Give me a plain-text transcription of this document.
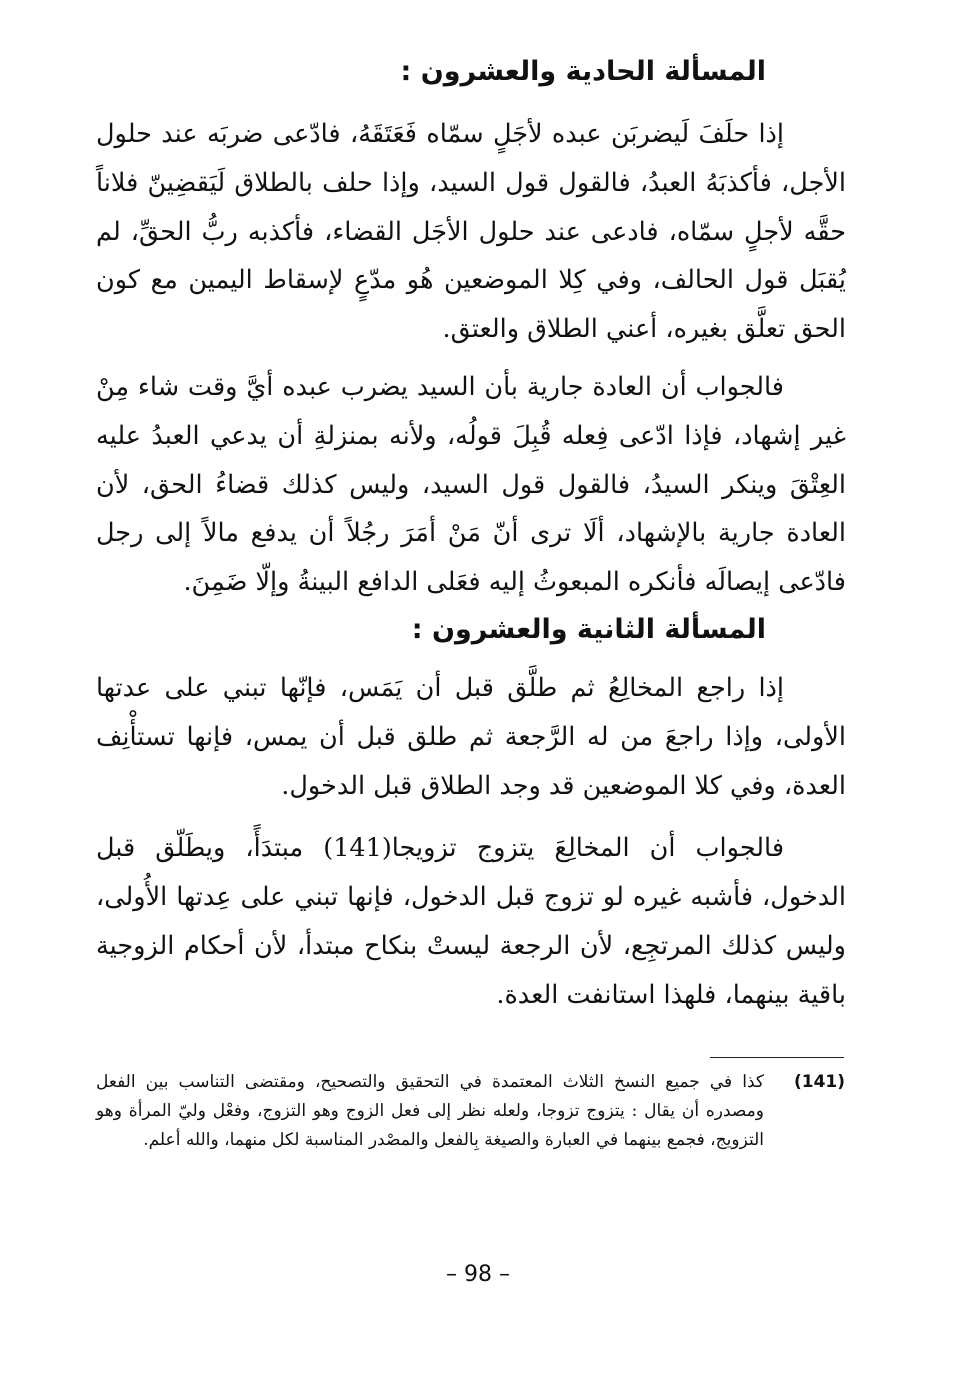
المسألة الحادية والعشرون :

إذا حلَفَ لَيضربَن عبده لأجَلٍ سمّاه فَعَتَقَهُ، فادّعى ضربَه عند حلول الأجل، فأكذبَهُ العبدُ، فالقول قول السيد، وإذا حلف بالطلاق لَيَقضِينّ فلاناً حقَّه لأجلٍ سمّاه، فادعى عند حلول الأجَل القضاء، فأكذبه ربُّ الحقِّ، لم يُقبَل قول الحالف، وفي كِلا الموضعين هُو مدّعٍ لإسقاط اليمين مع كون الحق تعلَّق بغيره، أعني الطلاق والعتق.

فالجواب أن العادة جارية بأن السيد يضرب عبده أيَّ وقت شاء مِنْ غير إشهاد، فإذا ادّعى فِعله قُبِلَ قولُه، ولأنه بمنزلةِ أن يدعي العبدُ عليه العِتْقَ وينكر السيدُ، فالقول قول السيد، وليس كذلك قضاءُ الحق، لأن العادة جارية بالإشهاد، ألَا ترى أنّ مَنْ أمَرَ رجُلاً أن يدفع مالاً إلى رجل فادّعى إيصالَه فأنكره المبعوثُ إليه فعَلى الدافع البينةُ وإلّا ضَمِنَ.

المسألة الثانية والعشرون :

إذا راجع المخالِعُ ثم طلَّق قبل أن يَمَس، فإنّها تبني على عدتها الأولى، وإذا راجعَ من له الرَّجعة ثم طلق قبل أن يمس، فإنها تستأْنِف العدة، وفي كلا الموضعين قد وجد الطلاق قبل الدخول.

فالجواب أن المخالِعَ يتزوج تزويجا(141) مبتدَأً، ويطَلّق قبل الدخول، فأشبه غيره لو تزوج قبل الدخول، فإنها تبني على عِدتها الأُولى، وليس كذلك المرتجِع، لأن الرجعة ليستْ بنكاح مبتدأ، لأن أحكام الزوجية باقية بينهما، فلهذا استانفت العدة.

(141)
كذا في جميع النسخ الثلاث المعتمدة في التحقيق والتصحيح، ومقتضى التناسب بين الفعل ومصدره أن يقال : يتزوج تزوجا، ولعله نظر إلى فعل الزوج وهو التزوج، وفعْل وليّ المرأة وهو التزويج، فجمع بينهما في العبارة والصيغة بِالفعل والمصْدر المناسبة لكل منهما، والله أعلم.
– 98 –
